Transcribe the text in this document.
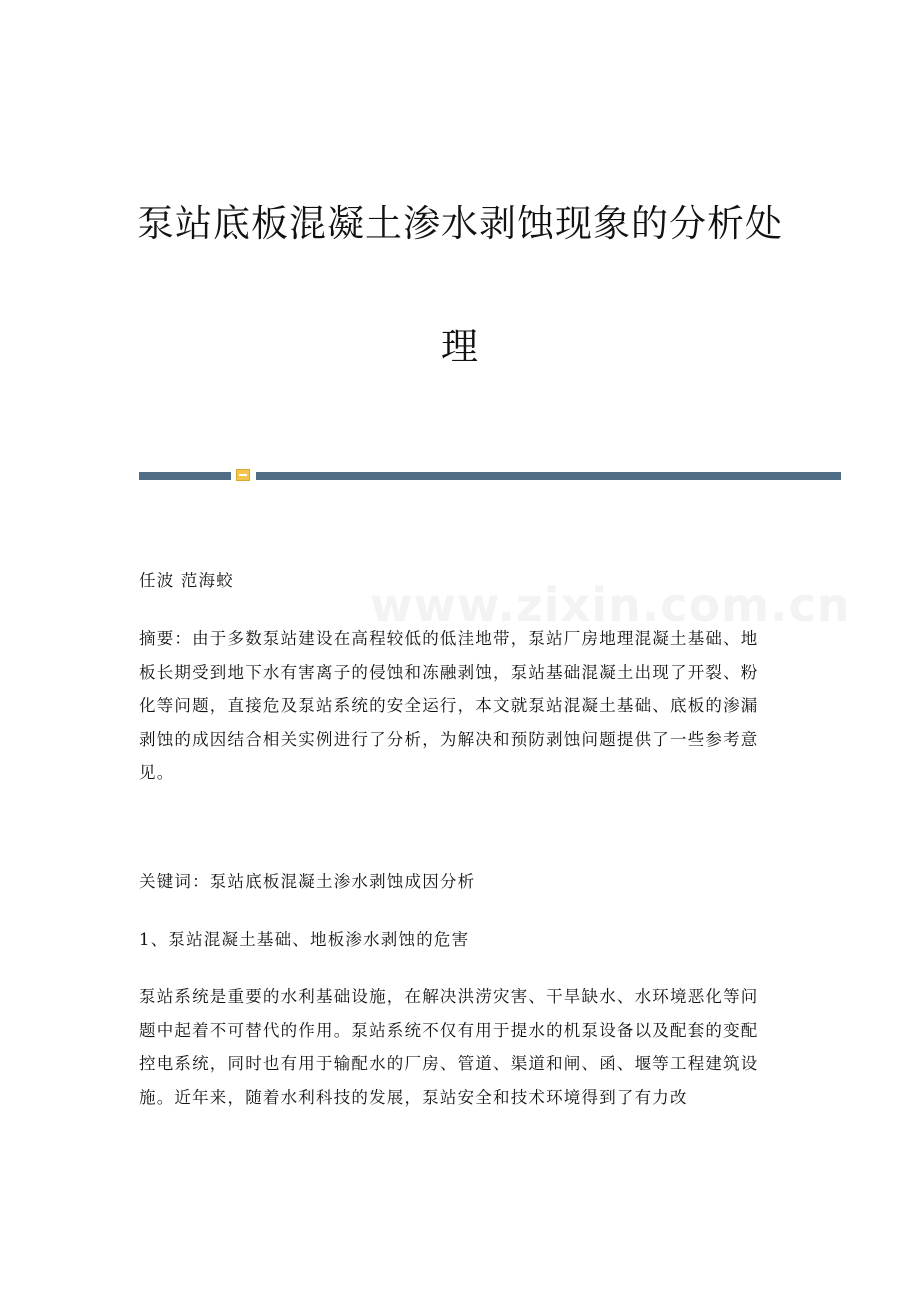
泵站底板混凝土渗水剥蚀现象的分析处
理
www.zixin.com.cn

任波 范海蛟

摘要：由于多数泵站建设在高程较低的低洼地带，泵站厂房地理混凝土基础、地板长期受到地下水有害离子的侵蚀和冻融剥蚀，泵站基础混凝土出现了开裂、粉化等问题，直接危及泵站系统的安全运行，本文就泵站混凝土基础、底板的渗漏剥蚀的成因结合相关实例进行了分析，为解决和预防剥蚀问题提供了一些参考意见。

关键词：泵站底板混凝土渗水剥蚀成因分析

1、泵站混凝土基础、地板渗水剥蚀的危害

泵站系统是重要的水利基础设施，在解决洪涝灾害、干旱缺水、水环境恶化等问题中起着不可替代的作用。泵站系统不仅有用于提水的机泵设备以及配套的变配控电系统，同时也有用于输配水的厂房、管道、渠道和闸、函、堰等工程建筑设施。近年来，随着水利科技的发展，泵站安全和技术环境得到了有力改
